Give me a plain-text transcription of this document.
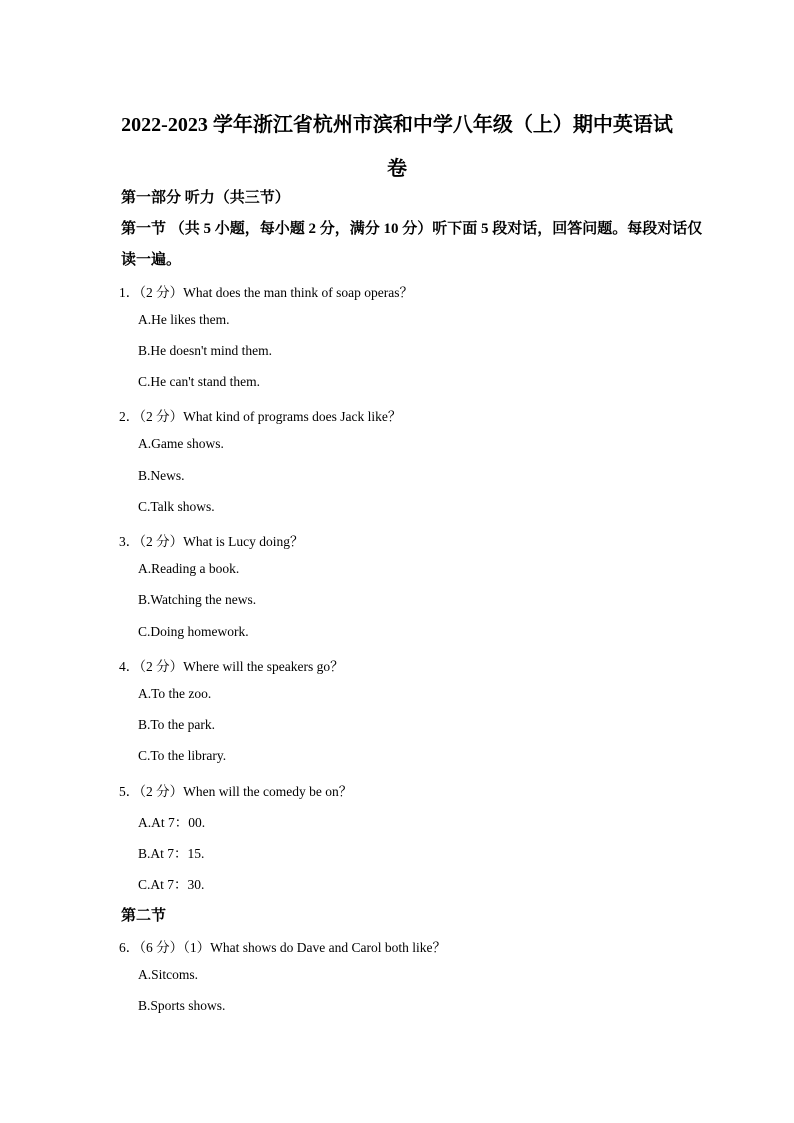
2022-2023 学年浙江省杭州市滨和中学八年级（上）期中英语试
卷
第一部分 听力（共三节）
第一节 （共 5 小题，每小题 2 分，满分 10 分）听下面 5 段对话，回答问题。每段对话仅
读一遍。
1．（2 分）What does the man think of soap operas？
A.He likes them.
B.He doesn't mind them.
C.He can't stand them.
2．（2 分）What kind of programs does Jack like？
A.Game shows.
B.News.
C.Talk shows.
3．（2 分）What is Lucy doing？
A.Reading a book.
B.Watching the news.
C.Doing homework.
4．（2 分）Where will the speakers go？
A.To the zoo.
B.To the park.
C.To the library.
5．（2 分）When will the comedy be on？
A.At 7：00.
B.At 7：15.
C.At 7：30.
第二节
6．（6 分）（1）What shows do Dave and Carol both like？
A.Sitcoms.
B.Sports shows.
